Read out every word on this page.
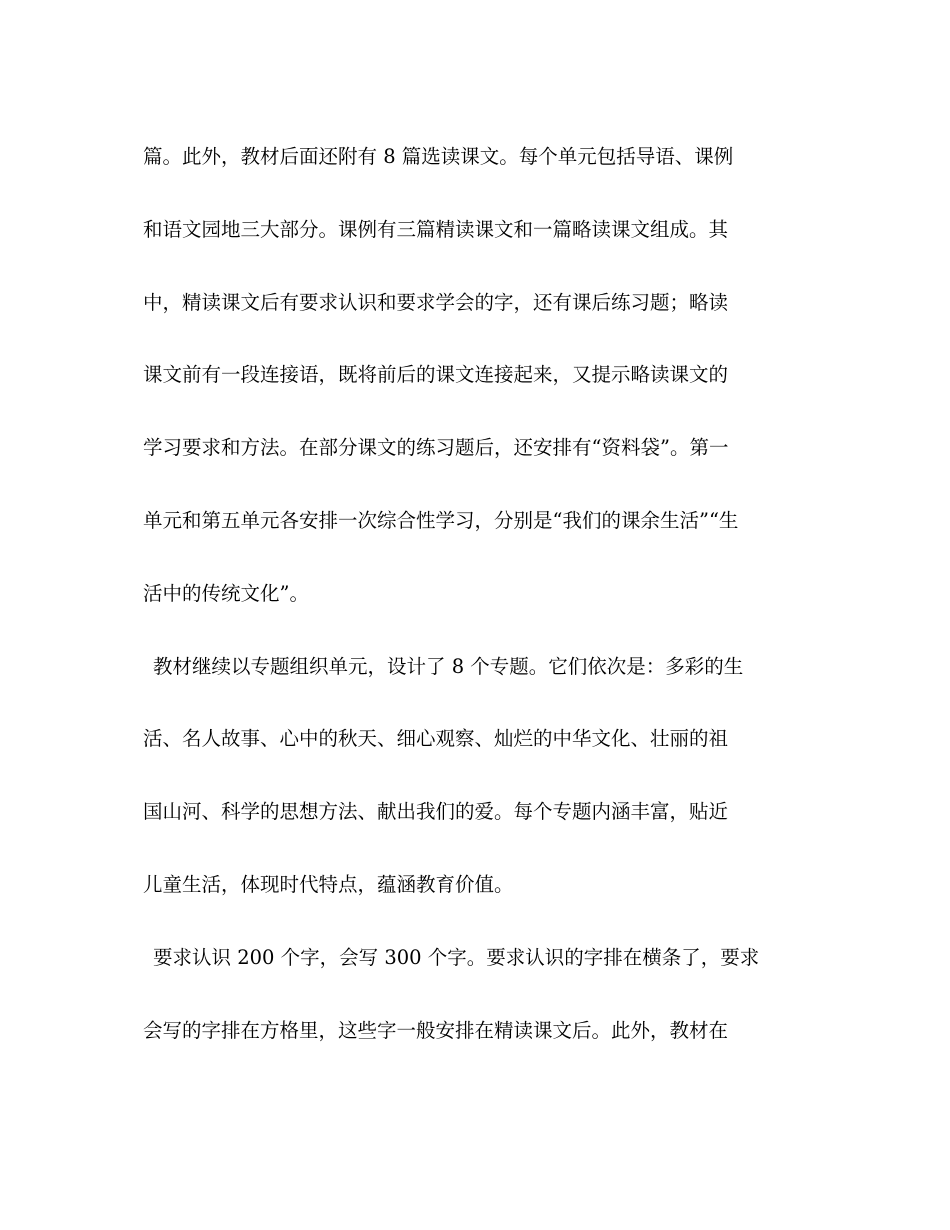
篇。此外，教材后面还附有 8 篇选读课文。每个单元包括导语、课例
和语文园地三大部分。课例有三篇精读课文和一篇略读课文组成。其
中，精读课文后有要求认识和要求学会的字，还有课后练习题；略读
课文前有一段连接语，既将前后的课文连接起来，又提示略读课文的
学习要求和方法。在部分课文的练习题后，还安排有“资料袋”。第一
单元和第五单元各安排一次综合性学习，分别是“我们的课余生活”“生
活中的传统文化”。
教材继续以专题组织单元，设计了 8 个专题。它们依次是：多彩的生
活、名人故事、心中的秋天、细心观察、灿烂的中华文化、壮丽的祖
国山河、科学的思想方法、献出我们的爱。每个专题内涵丰富，贴近
儿童生活，体现时代特点，蕴涵教育价值。
要求认识 200 个字，会写 300 个字。要求认识的字排在横条了，要求
会写的字排在方格里，这些字一般安排在精读课文后。此外，教材在
